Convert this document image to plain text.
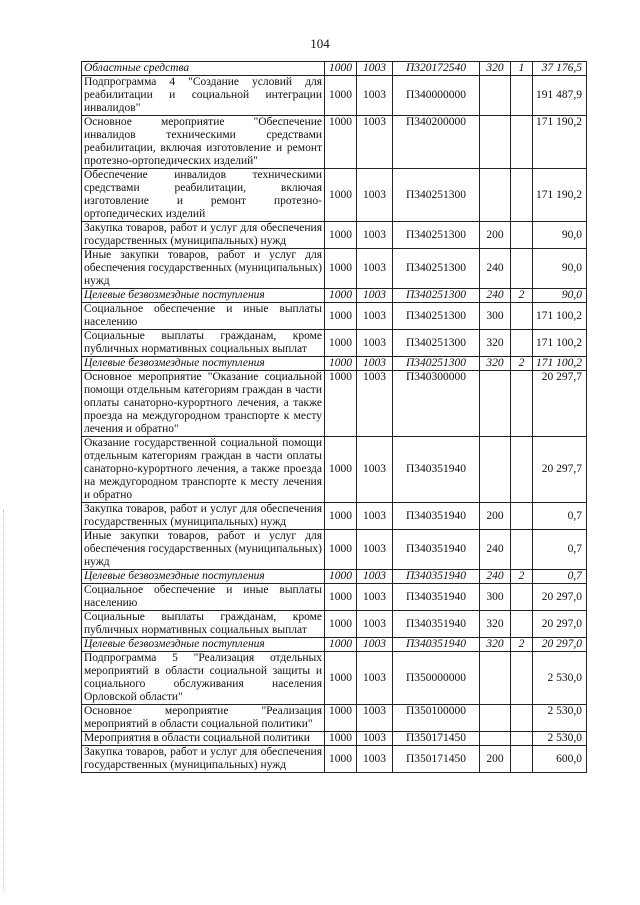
104
Областные средства	1000	1003	П320172540	320	1	37 176,5
Подпрограмма 4 "Создание условий для реабилитации и социальной интеграции инвалидов"	1000	1003	П340000000			191 487,9
Основное мероприятие "Обеспечение инвалидов техническими средствами реабилитации, включая изготовление и ремонт протезно-ортопедических изделий"	1000	1003	П340200000			171 190,2
Обеспечение инвалидов техническими средствами реабилитации, включая изготовление и ремонт протезно-ортопедических изделий	1000	1003	П340251300			171 190,2
Закупка товаров, работ и услуг для обеспечения государственных (муниципальных) нужд	1000	1003	П340251300	200		90,0
Иные закупки товаров, работ и услуг для обеспечения государственных (муниципальных) нужд	1000	1003	П340251300	240		90,0
Целевые безвозмездные поступления	1000	1003	П340251300	240	2	90,0
Социальное обеспечение и иные выплаты населению	1000	1003	П340251300	300		171 100,2
Социальные выплаты гражданам, кроме публичных нормативных социальных выплат	1000	1003	П340251300	320		171 100,2
Целевые безвозмездные поступления	1000	1003	П340251300	320	2	171 100,2
Основное мероприятие "Оказание социальной помощи отдельным категориям граждан в части оплаты санаторно-курортного лечения, а также проезда на междугородном транспорте к месту лечения и обратно"	1000	1003	П340300000			20 297,7
Оказание государственной социальной помощи отдельным категориям граждан в части оплаты санаторно-курортного лечения, а также проезда на междугородном транспорте к месту лечения и обратно	1000	1003	П340351940			20 297,7
Закупка товаров, работ и услуг для обеспечения государственных (муниципальных) нужд	1000	1003	П340351940	200		0,7
Иные закупки товаров, работ и услуг для обеспечения государственных (муниципальных) нужд	1000	1003	П340351940	240		0,7
Целевые безвозмездные поступления	1000	1003	П340351940	240	2	0,7
Социальное обеспечение и иные выплаты населению	1000	1003	П340351940	300		20 297,0
Социальные выплаты гражданам, кроме публичных нормативных социальных выплат	1000	1003	П340351940	320		20 297,0
Целевые безвозмездные поступления	1000	1003	П340351940	320	2	20 297,0
Подпрограмма 5 "Реализация отдельных мероприятий в области социальной защиты и социального обслуживания населения Орловской области"	1000	1003	П350000000			2 530,0
Основное мероприятие "Реализация мероприятий в области социальной политики"	1000	1003	П350100000			2 530,0
Мероприятия в области социальной политики	1000	1003	П350171450			2 530,0
Закупка товаров, работ и услуг для обеспечения государственных (муниципальных) нужд	1000	1003	П350171450	200		600,0
